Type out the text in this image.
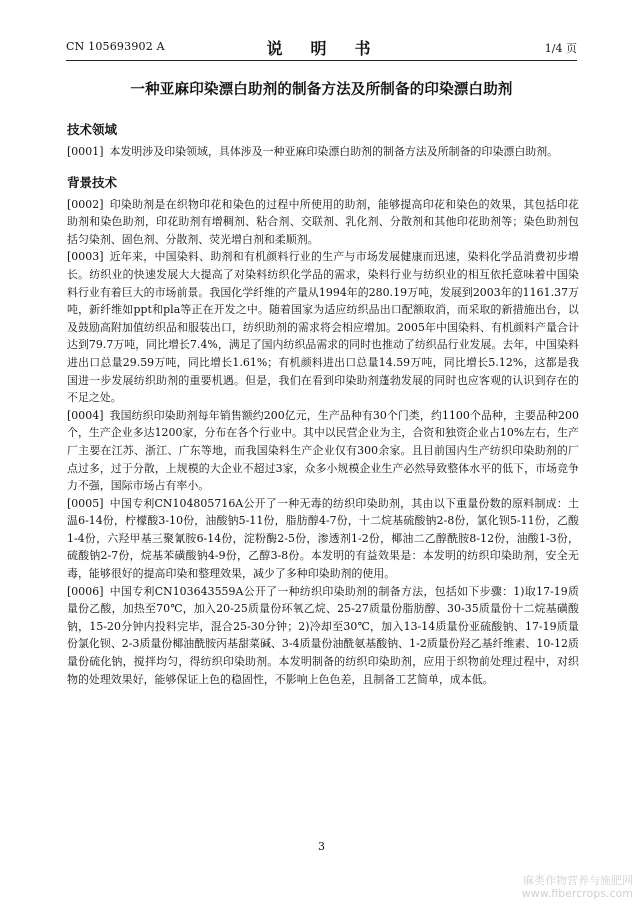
CN 105693902 A	说　明　书	1/4 页
一种亚麻印染漂白助剂的制备方法及所制备的印染漂白助剂
技术领域

[0001] 本发明涉及印染领域，具体涉及一种亚麻印染漂白助剂的制备方法及所制备的印染漂白助剂。

背景技术

[0002] 印染助剂是在织物印花和染色的过程中所使用的助剂，能够提高印花和染色的效果，其包括印花助剂和染色助剂，印花助剂有增稠剂、粘合剂、交联剂、乳化剂、分散剂和其他印花助剂等；染色助剂包括匀染剂、固色剂、分散剂、荧光增白剂和柔顺剂。

[0003] 近年来，中国染料、助剂和有机颜料行业的生产与市场发展健康而迅速，染料化学品消费初步增长。纺织业的快速发展大大提高了对染料纺织化学品的需求，染料行业与纺织业的相互依托意味着中国染料行业有着巨大的市场前景。我国化学纤维的产量从1994年的280.19万吨，发展到2003年的1161.37万吨，新纤维如ppt和pla等正在开发之中。随着国家为适应纺织品出口配额取消，而采取的新措施出台，以及鼓励高附加值纺织品和服装出口，纺织助剂的需求将会相应增加。2005年中国染料、有机颜料产量合计达到79.7万吨，同比增长7.4%，满足了国内纺织品需求的同时也推动了纺织品行业发展。去年，中国染料进出口总量29.59万吨，同比增长1.61%；有机颜料进出口总量14.59万吨，同比增长5.12%，这都是我国进一步发展纺织助剂的重要机遇。但是，我们在看到印染助剂蓬勃发展的同时也应客观的认识到存在的不足之处。

[0004] 我国纺织印染助剂每年销售额约200亿元，生产品种有30个门类，约1100个品种，主要品种200个，生产企业多达1200家，分布在各个行业中。其中以民营企业为主，合资和独资企业占10%左右，生产厂主要在江苏、浙江、广东等地，而我国染料生产企业仅有300余家。且目前国内生产纺织印染助剂的厂点过多，过于分散，上规模的大企业不超过3家，众多小规模企业生产必然导致整体水平的低下，市场竞争力不强，国际市场占有率小。

[0005] 中国专利CN104805716A公开了一种无毒的纺织印染助剂，其由以下重量份数的原料制成：土温6-14份，柠檬酸3-10份，油酸钠5-11份，脂肪醇4-7份，十二烷基硫酸钠2-8份，氯化钡5-11份，乙酸1-4份，六羟甲基三聚氰胺6-14份，淀粉酶2-5份，渗透剂1-2份，椰油二乙醇酰胺8-12份，油酸1-3份，硫酸钠2-7份，烷基苯磺酸钠4-9份，乙醇3-8份。本发明的有益效果是：本发明的纺织印染助剂，安全无毒，能够很好的提高印染和整理效果，减少了多种印染助剂的使用。

[0006] 中国专利CN103643559A公开了一种纺织印染助剂的制备方法，包括如下步骤：1)取17-19质量份乙酸，加热至70℃，加入20-25质量份环氧乙烷、25-27质量份脂肪醇、30-35质量份十二烷基磺酸钠，15-20分钟内投料完毕，混合25-30分钟；2)冷却至30℃，加入13-14质量份亚硫酸钠、17-19质量份氯化钡、2-3质量份椰油酰胺丙基甜菜碱、3-4质量份油酰氨基酸钠、1-2质量份羟乙基纤维素、10-12质量份硫化钠，搅拌均匀，得纺织印染助剂。本发明制备的纺织印染助剂，应用于织物前处理过程中，对织物的处理效果好，能够保证上色的稳固性，不影响上色色差，且制备工艺简单，成本低。

3
麻类作物营养与施肥网
www.fibercrops.com
